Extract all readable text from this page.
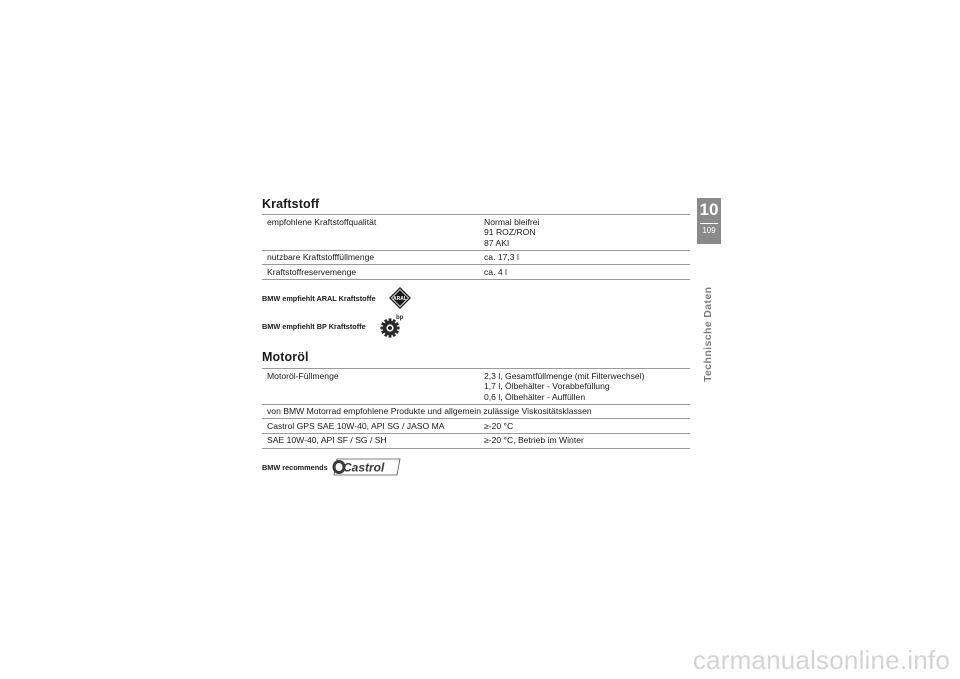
Kraftstoff
empfohlene Kraftstoffqualität	Normal bleifrei
91 ROZ/RON
87 AKI

nutzbare Kraftstofffüllmenge	ca. 17,3 l
Kraftstoffreservemenge	ca. 4 l
BMW empfiehlt ARAL Kraftstoffe	ARAL
BMW empfiehlt BP Kraftstoffe
bp
Motoröl
Motoröl-Füllmenge	2,3 l, Gesamtfüllmenge (mit Filterwechsel)
1,7 l, Ölbehälter - Vorabbefüllung
0,6 l, Ölbehälter - Auffüllen

von BMW Motorrad empfohlene Produkte und allgemein zulässige Viskositätsklassen	
Castrol GPS SAE 10W-40, API SG / JASO MA	≥-20 °C
SAE 10W-40, API SF / SG / SH	≥-20 °C, Betrieb im Winter
BMW recommends Castrol
10
109
Technische Daten
carmanualsonline.info
